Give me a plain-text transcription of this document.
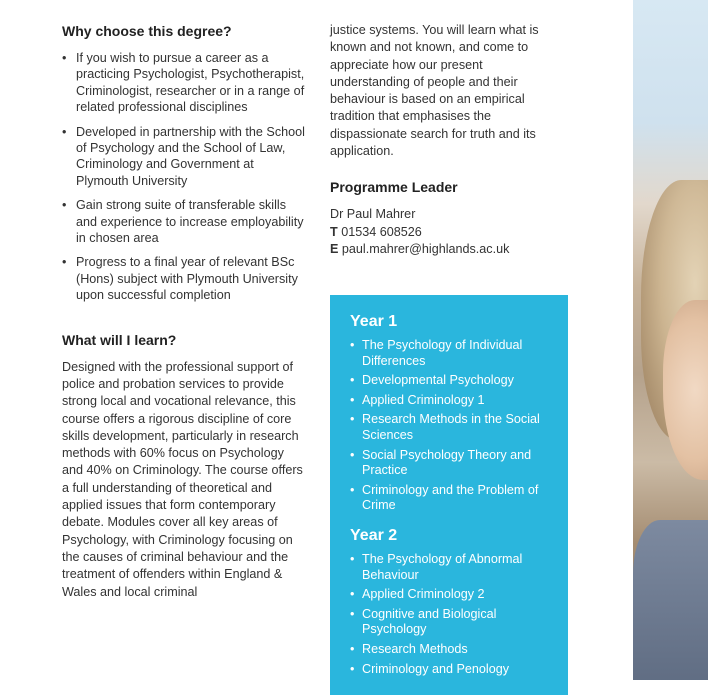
Why choose this degree?
• If you wish to pursue a career as a practicing Psychologist, Psychotherapist, Criminologist, researcher or in a range of related professional disciplines
• Developed in partnership with the School of Psychology and the School of Law, Criminology and Government at Plymouth University
• Gain strong suite of transferable skills and experience to increase employability in chosen area
• Progress to a final year of relevant BSc (Hons) subject with Plymouth University upon successful completion
What will I learn?

Designed with the professional support of police and probation services to provide strong local and vocational relevance, this course offers a rigorous discipline of core skills development, particularly in research methods with 60% focus on Psychology and 40% on Criminology. The course offers a full understanding of theoretical and applied issues that form contemporary debate. Modules cover all key areas of Psychology, with Criminology focusing on the causes of criminal behaviour and the treatment of offenders within England & Wales and local criminal

justice systems. You will learn what is known and not known, and come to appreciate how our present understanding of people and their behaviour is based on an empirical tradition that emphasises the dispassionate search for truth and its application.

Programme Leader
Dr Paul Mahrer
T 01534 608526
E paul.mahrer@highlands.ac.uk
Year 1
• The Psychology of Individual Differences
• Developmental Psychology
• Applied Criminology 1
• Research Methods in the Social Sciences
• Social Psychology Theory and Practice
• Criminology and the Problem of Crime
Year 2
• The Psychology of Abnormal Behaviour
• Applied Criminology 2
• Cognitive and Biological Psychology
• Research Methods
• Criminology and Penology
